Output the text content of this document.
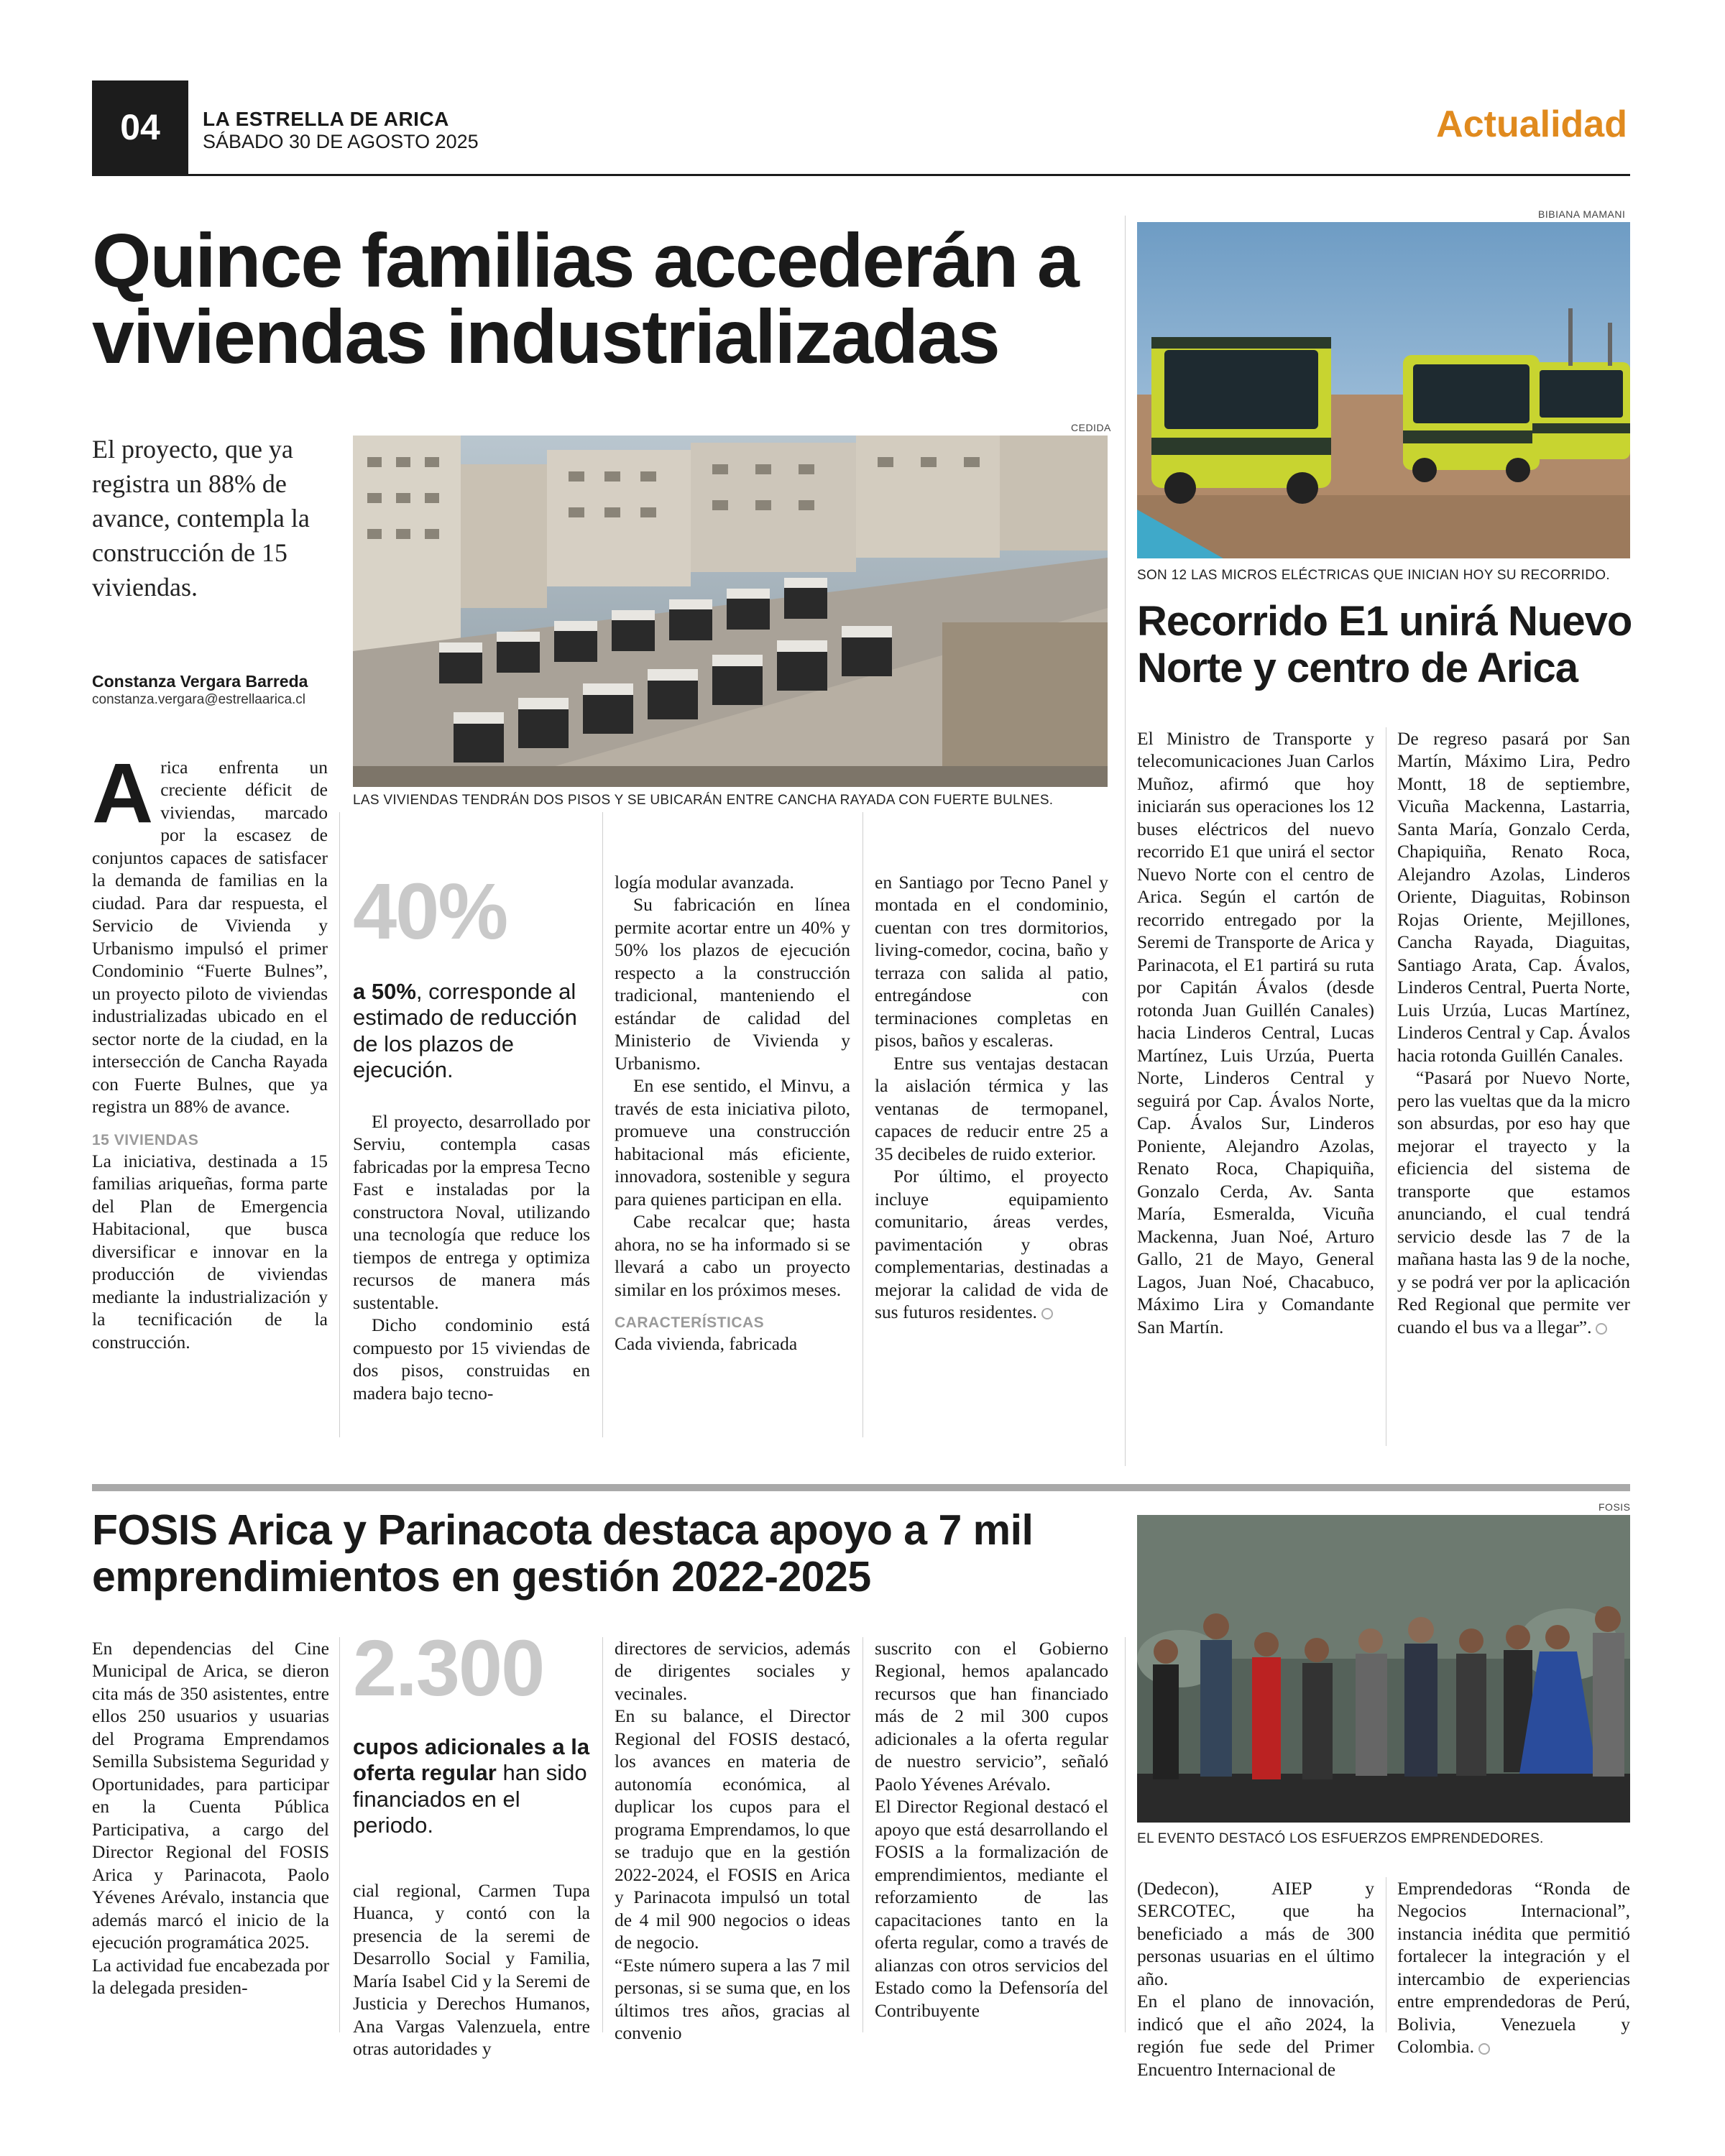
04	LA ESTRELLA DE ARICA
SÁBADO 30 DE AGOSTO 2025	Actualidad
Quince familias accederán a viviendas industrializadas
El proyecto, que ya registra un 88% de avance, contempla la construcción de 15 viviendas.
Constanza Vergara Barreda
constanza.vergara@estrellaarica.cl
CEDIDA
LAS VIVIENDAS TENDRÁN DOS PISOS Y SE UBICARÁN ENTRE CANCHA RAYADA CON FUERTE BULNES.

Arica enfrenta un creciente déficit de viviendas, marcado por la escasez de conjuntos capaces de satisfacer la demanda de familias en la ciudad. Para dar respuesta, el Servicio de Vivienda y Urbanismo impulsó el primer Condominio “Fuerte Bulnes”, un proyecto piloto de viviendas industrializadas ubicado en el sector norte de la ciudad, en la intersección de Cancha Rayada con Fuerte Bulnes, que ya registra un 88% de avance.

15 VIVIENDAS

La iniciativa, destinada a 15 familias ariqueñas, forma parte del Plan de Emergencia Habitacional, que busca diversificar e innovar en la producción de viviendas mediante la industrialización y la tecnificación de la construcción.

40%
a 50%, corresponde al estimado de reducción de los plazos de ejecución.

El proyecto, desarrollado por Serviu, contempla casas fabricadas por la empresa Tecno Fast e instaladas por la constructora Noval, utilizando una tecnología que reduce los tiempos de entrega y optimiza recursos de manera más sustentable.

Dicho condominio está compuesto por 15 viviendas de dos pisos, construidas en madera bajo tecno-

logía modular avanzada.

Su fabricación en línea permite acortar entre un 40% y 50% los plazos de ejecución respecto a la construcción tradicional, manteniendo el estándar de calidad del Ministerio de Vivienda y Urbanismo.

En ese sentido, el Minvu, a través de esta iniciativa piloto, promueve una construcción habitacional más eficiente, innovadora, sostenible y segura para quienes participan en ella.

Cabe recalcar que; hasta ahora, no se ha informado si se llevará a cabo un proyecto similar en los próximos meses.

CARACTERÍSTICAS

Cada vivienda, fabricada

en Santiago por Tecno Panel y montada en el condominio, cuentan con tres dormitorios, living-comedor, cocina, baño y terraza con salida al patio, entregándose con terminaciones completas en pisos, baños y escaleras.

Entre sus ventajas destacan la aislación térmica y las ventanas de termopanel, capaces de reducir entre 25 a 35 decibeles de ruido exterior.

Por último, el proyecto incluye equipamiento comunitario, áreas verdes, pavimentación y obras complementarias, destinadas a mejorar la calidad de vida de sus futuros residentes.

BIBIANA MAMANI
SON 12 LAS MICROS ELÉCTRICAS QUE INICIAN HOY SU RECORRIDO.
Recorrido E1 unirá Nuevo Norte y centro de Arica

El Ministro de Transporte y telecomunicaciones Juan Carlos Muñoz, afirmó que hoy iniciarán sus operaciones los 12 buses eléctricos del nuevo recorrido E1 que unirá el sector Nuevo Norte con el centro de Arica. Según el cartón de recorrido entregado por la Seremi de Transporte de Arica y Parinacota, el E1 partirá su ruta por Capitán Ávalos (desde rotonda Juan Guillén Canales) hacia Linderos Central, Lucas Martínez, Luis Urzúa, Puerta Norte, Linderos Central y seguirá por Cap. Ávalos Norte, Cap. Ávalos Sur, Linderos Poniente, Alejandro Azolas, Renato Roca, Chapiquiña, Gonzalo Cerda, Av. Santa María, Esmeralda, Vicuña Mackenna, Juan Noé, Arturo Gallo, 21 de Mayo, General Lagos, Juan Noé, Chacabuco, Máximo Lira y Comandante San Martín.

De regreso pasará por San Martín, Máximo Lira, Pedro Montt, 18 de septiembre, Vicuña Mackenna, Lastarria, Santa María, Gonzalo Cerda, Chapiquiña, Renato Roca, Alejandro Azolas, Linderos Oriente, Diaguitas, Robinson Rojas Oriente, Mejillones, Cancha Rayada, Diaguitas, Santiago Arata, Cap. Ávalos, Linderos Central, Puerta Norte, Luis Urzúa, Lucas Martínez, Linderos Central y Cap. Ávalos hacia rotonda Guillén Canales.

“Pasará por Nuevo Norte, pero las vueltas que da la micro son absurdas, por eso hay que mejorar el trayecto y la eficiencia del sistema de transporte que estamos anunciando, el cual tendrá servicio desde las 7 de la mañana hasta las 9 de la noche, y se podrá ver por la aplicación Red Regional que permite ver cuando el bus va a llegar”.

FOSIS Arica y Parinacota destaca apoyo a 7 mil emprendimientos en gestión 2022-2025
FOSIS
EL EVENTO DESTACÓ LOS ESFUERZOS EMPRENDEDORES.

En dependencias del Cine Municipal de Arica, se dieron cita más de 350 asistentes, entre ellos 250 usuarios y usuarias del Programa Emprendamos Semilla Subsistema Seguridad y Oportunidades, para participar en la Cuenta Pública Participativa, a cargo del Director Regional del FOSIS Arica y Parinacota, Paolo Yévenes Arévalo, instancia que además marcó el inicio de la ejecución programática 2025.

La actividad fue encabezada por la delegada presiden-

2.300
cupos adicionales a la oferta regular han sido financiados en el periodo.

cial regional, Carmen Tupa Huanca, y contó con la presencia de la seremi de Desarrollo Social y Familia, María Isabel Cid y la Seremi de Justicia y Derechos Humanos, Ana Vargas Valenzuela, entre otras autoridades y

directores de servicios, además de dirigentes sociales y vecinales.

En su balance, el Director Regional del FOSIS destacó, los avances en materia de autonomía económica, al duplicar los cupos para el programa Emprendamos, lo que se tradujo que en la gestión 2022-2024, el FOSIS en Arica y Parinacota impulsó un total de 4 mil 900 negocios o ideas de negocio.

“Este número supera a las 7 mil personas, si se suma que, en los últimos tres años, gracias al convenio

suscrito con el Gobierno Regional, hemos apalancado recursos que han financiado más de 2 mil 300 cupos adicionales a la oferta regular de nuestro servicio”, señaló Paolo Yévenes Arévalo.

El Director Regional destacó el apoyo que está desarrollando el FOSIS a la formalización de emprendimientos, mediante el reforzamiento de las capacitaciones tanto en la oferta regular, como a través de alianzas con otros servicios del Estado como la Defensoría del Contribuyente

(Dedecon), AIEP y SERCOTEC, que ha beneficiado a más de 300 personas usuarias en el último año.

En el plano de innovación, indicó que el año 2024, la región fue sede del Primer Encuentro Internacional de

Emprendedoras “Ronda de Negocios Internacional”, instancia inédita que permitió fortalecer la integración y el intercambio de experiencias entre emprendedoras de Perú, Bolivia, Venezuela y Colombia.
